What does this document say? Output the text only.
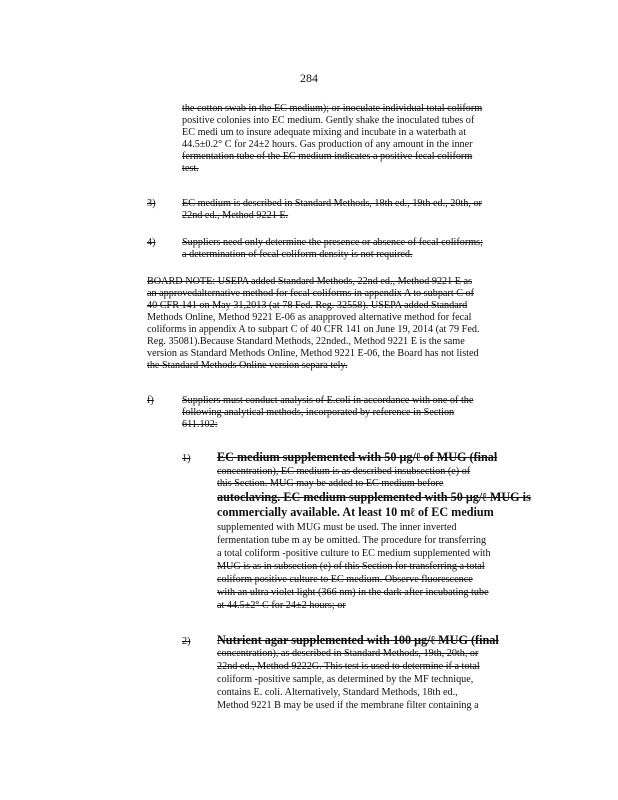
284
the cotton swab in the EC medium); or inoculate individual total coliform
positive colonies into EC medium. Gently shake the inoculated tubes of
EC medi um to insure adequate mixing and incubate in a waterbath at
44.5±0.2° C for 24±2 hours. Gas production of any amount in the inner
fermentation tube of the EC medium indicates a positive fecal coliform
test.
3)	EC medium is described in Standard Methods, 18th ed., 19th ed., 20th, or
22nd ed., Method 9221 E.
4)	Suppliers need only determine the presence or absence of fecal coliforms;
a determination of fecal coliform density is not required.
BOARD NOTE: USEPA added Standard Methods, 22nd ed., Method 9221 E as
an approvedalternative method for fecal coliforms in appendix A to subpart C of
40 CFR 141 on May 31,2013 (at 78 Fed. Reg. 32558). USEPA added Standard
Methods Online, Method 9221 E-06 as anapproved alternative method for fecal
coliforms in appendix A to subpart C of 40 CFR 141 on June 19, 2014 (at 79 Fed.
Reg. 35081).Because Standard Methods, 22nded., Method 9221 E is the same
version as Standard Methods Online, Method 9221 E-06, the Board has not listed
the Standard Methods Online version separa tely.
f)	Suppliers must conduct analysis of E.coli in accordance with one of the
following analytical methods, incorporated by reference in Section
611.102:
1) EC medium supplemented with 50 μg/ℓ of MUG (final
concentration), EC medium is as described insubsection (e) of
this Section. MUG may be added to EC medium before
autoclaving. EC medium supplemented with 50 μg/ℓ MUG is
commercially available. At least 10 mℓ of EC medium
supplemented with MUG must be used. The inner inverted
fermentation tube m ay be omitted. The procedure for transferring
a total coliform -positive culture to EC medium supplemented with
MUG is as in subsection (e) of this Section for transferring a total
coliform positive culture to EC medium. Observe fluorescence
with an ultra violet light (366 nm) in the dark after incubating tube
at 44.5±2° C for 24±2 hours; or
2) Nutrient agar supplemented with 100 μg/ℓ MUG (final
concentration), as described in Standard Methods, 19th, 20th, or
22nd ed., Method 9222G. This test is used to determine if a total
coliform -positive sample, as determined by the MF technique,
contains E. coli. Alternatively, Standard Methods, 18th ed.,
Method 9221 B may be used if the membrane filter containing a
